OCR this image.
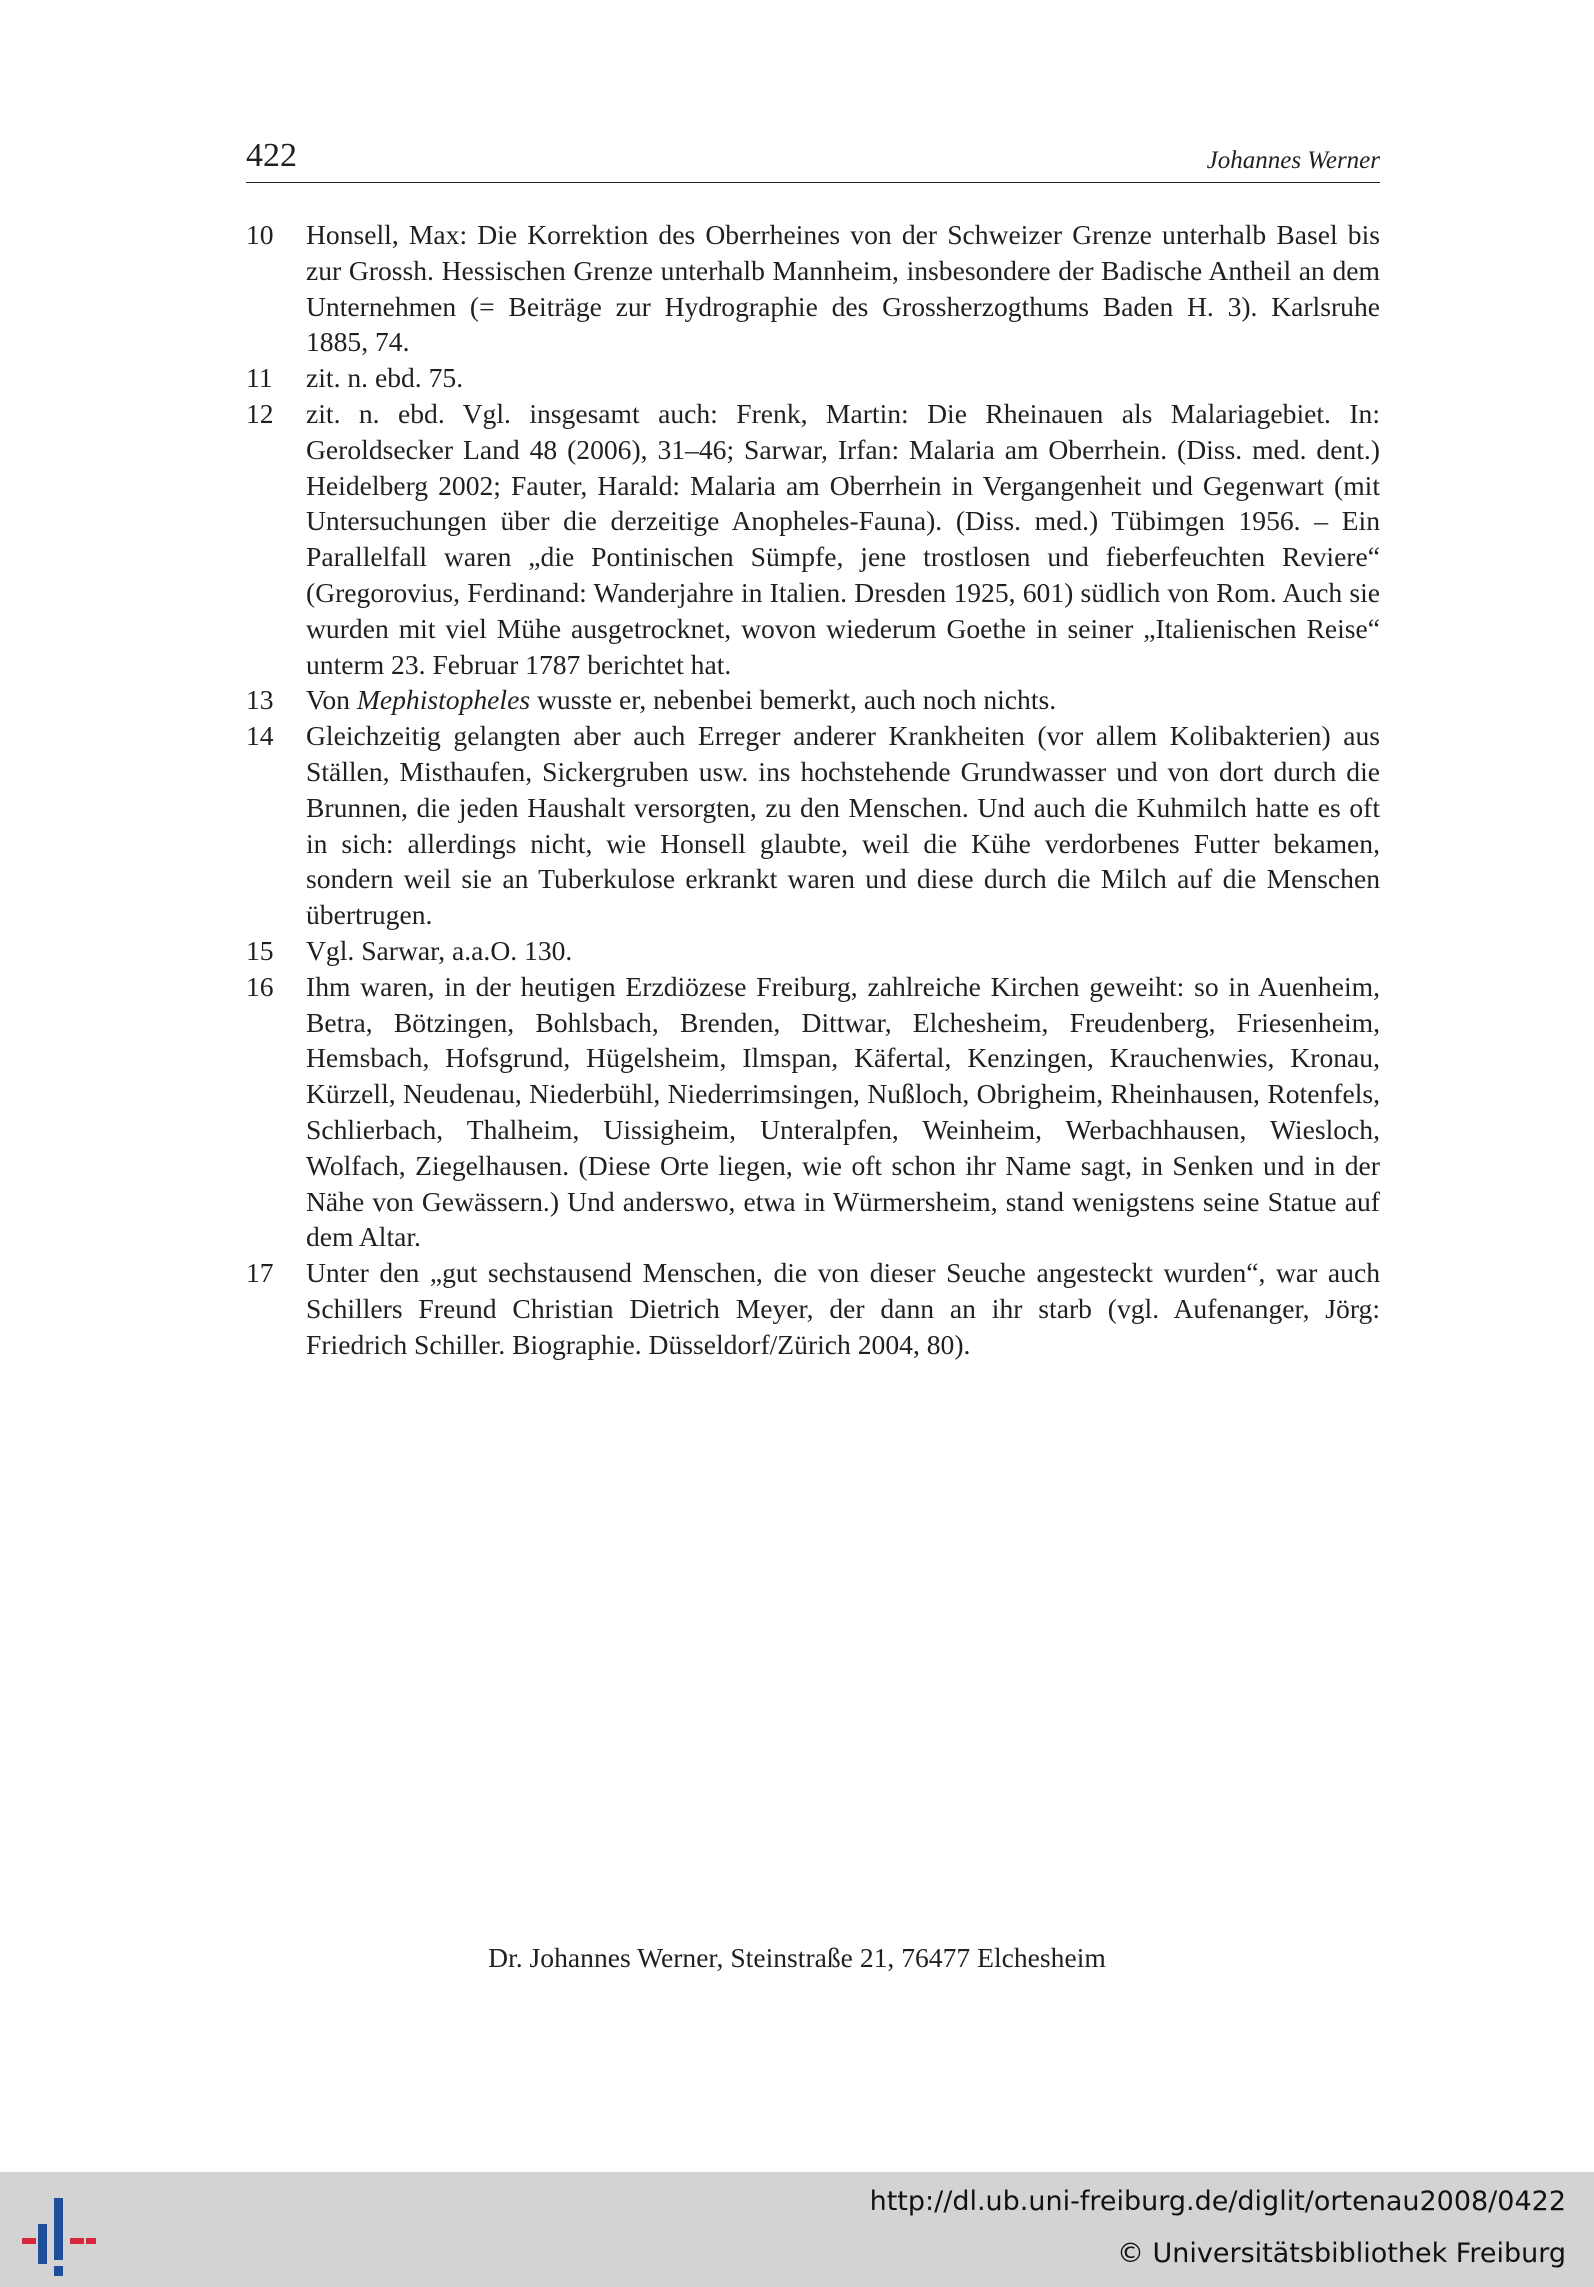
422	Johannes Werner
10	Honsell, Max: Die Korrektion des Oberrheines von der Schweizer Grenze unterhalb Basel bis zur Grossh. Hessischen Grenze unterhalb Mannheim, insbesondere der Badische Antheil an dem Unternehmen (= Beiträge zur Hydrographie des Grossherzogthums Baden H. 3). Karlsruhe 1885, 74.
11	zit. n. ebd. 75.
12	zit. n. ebd. Vgl. insgesamt auch: Frenk, Martin: Die Rheinauen als Malariagebiet. In: Geroldsecker Land 48 (2006), 31–46; Sarwar, Irfan: Malaria am Oberrhein. (Diss. med. dent.) Heidelberg 2002; Fauter, Harald: Malaria am Oberrhein in Vergangenheit und Gegenwart (mit Untersuchungen über die derzeitige Anopheles-Fauna). (Diss. med.) Tübimgen 1956. – Ein Parallelfall waren „die Pontinischen Sümpfe, jene trostlosen und fieberfeuchten Reviere“ (Gregorovius, Ferdinand: Wanderjahre in Italien. Dresden 1925, 601) südlich von Rom. Auch sie wurden mit viel Mühe ausgetrocknet, wovon wiederum Goethe in seiner „Italienischen Reise“ unterm 23. Februar 1787 berichtet hat.
13	Von Mephistopheles wusste er, nebenbei bemerkt, auch noch nichts.
14	Gleichzeitig gelangten aber auch Erreger anderer Krankheiten (vor allem Kolibakterien) aus Ställen, Misthaufen, Sickergruben usw. ins hochstehende Grundwasser und von dort durch die Brunnen, die jeden Haushalt versorgten, zu den Menschen. Und auch die Kuhmilch hatte es oft in sich: allerdings nicht, wie Honsell glaubte, weil die Kühe verdorbenes Futter bekamen, sondern weil sie an Tuberkulose erkrankt waren und diese durch die Milch auf die Menschen übertrugen.
15	Vgl. Sarwar, a.a.O. 130.
16	Ihm waren, in der heutigen Erzdiözese Freiburg, zahlreiche Kirchen geweiht: so in Auenheim, Betra, Bötzingen, Bohlsbach, Brenden, Dittwar, Elchesheim, Freudenberg, Friesenheim, Hemsbach, Hofsgrund, Hügelsheim, Ilmspan, Käfertal, Kenzingen, Krauchenwies, Kronau, Kürzell, Neudenau, Niederbühl, Niederrimsingen, Nußloch, Obrigheim, Rheinhausen, Rotenfels, Schlierbach, Thalheim, Uissigheim, Unteralpfen, Weinheim, Werbachhausen, Wiesloch, Wolfach, Ziegelhausen. (Diese Orte liegen, wie oft schon ihr Name sagt, in Senken und in der Nähe von Gewässern.) Und anderswo, etwa in Würmersheim, stand wenigstens seine Statue auf dem Altar.
17	Unter den „gut sechstausend Menschen, die von dieser Seuche angesteckt wurden“, war auch Schillers Freund Christian Dietrich Meyer, der dann an ihr starb (vgl. Aufenanger, Jörg: Friedrich Schiller. Biographie. Düsseldorf/Zürich 2004, 80).
Dr. Johannes Werner, Steinstraße 21, 76477 Elchesheim
http://dl.ub.uni-freiburg.de/diglit/ortenau2008/0422
© Universitätsbibliothek Freiburg
